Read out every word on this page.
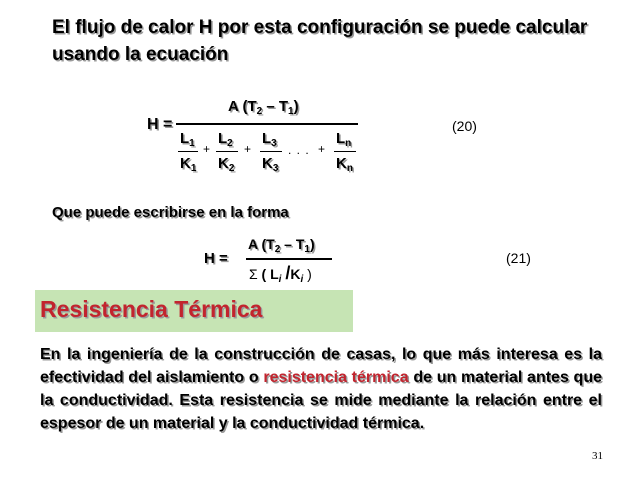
El flujo de calor H por esta configuración se puede calcular usando la ecuación
H =
A $(T_2 - T_1)$
$L_1$
$K_1$
+
$L_2$
$K_2$
+
$L_3$
$K_3$
. . . +
$L_n$
$K_n$
(20)
Que puede escribirse en la forma
H =
A $(T_2 - T_1)$
Σ ( $L_i$ $/K_i$ )
(21)
Resistencia Térmica
En la ingeniería de la construcción de casas, lo que más interesa es la efectividad del aislamiento o resistencia térmica de un material antes que la conductividad. Esta resistencia se mide mediante la relación entre el espesor de un material y la conductividad térmica.
31
